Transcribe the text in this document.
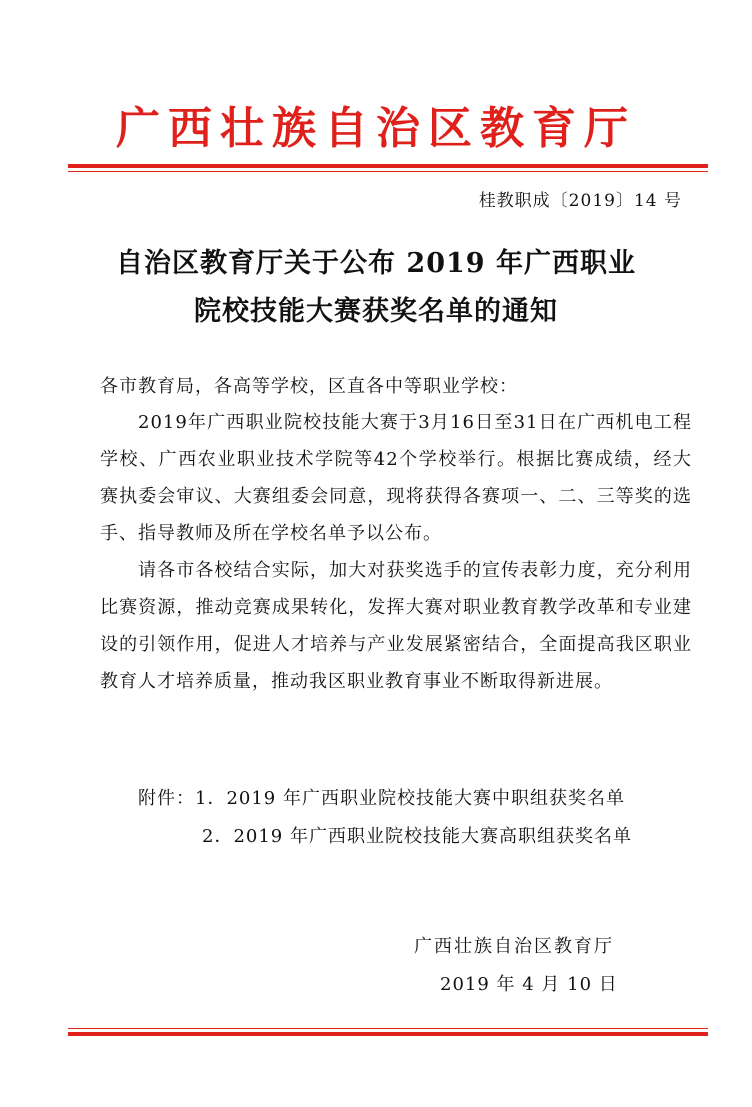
广西壮族自治区教育厅
桂教职成〔2019〕14 号
自治区教育厅关于公布 2019 年广西职业
院校技能大赛获奖名单的通知
各市教育局，各高等学校，区直各中等职业学校：
2019年广西职业院校技能大赛于3月16日至31日在广西机电工程学校、广西农业职业技术学院等42个学校举行。根据比赛成绩，经大赛执委会审议、大赛组委会同意，现将获得各赛项一、二、三等奖的选手、指导教师及所在学校名单予以公布。
请各市各校结合实际，加大对获奖选手的宣传表彰力度，充分利用比赛资源，推动竞赛成果转化，发挥大赛对职业教育教学改革和专业建设的引领作用，促进人才培养与产业发展紧密结合，全面提高我区职业教育人才培养质量，推动我区职业教育事业不断取得新进展。
附件：1．2019 年广西职业院校技能大赛中职组获奖名单
2．2019 年广西职业院校技能大赛高职组获奖名单
广西壮族自治区教育厅
2019 年 4 月 10 日
